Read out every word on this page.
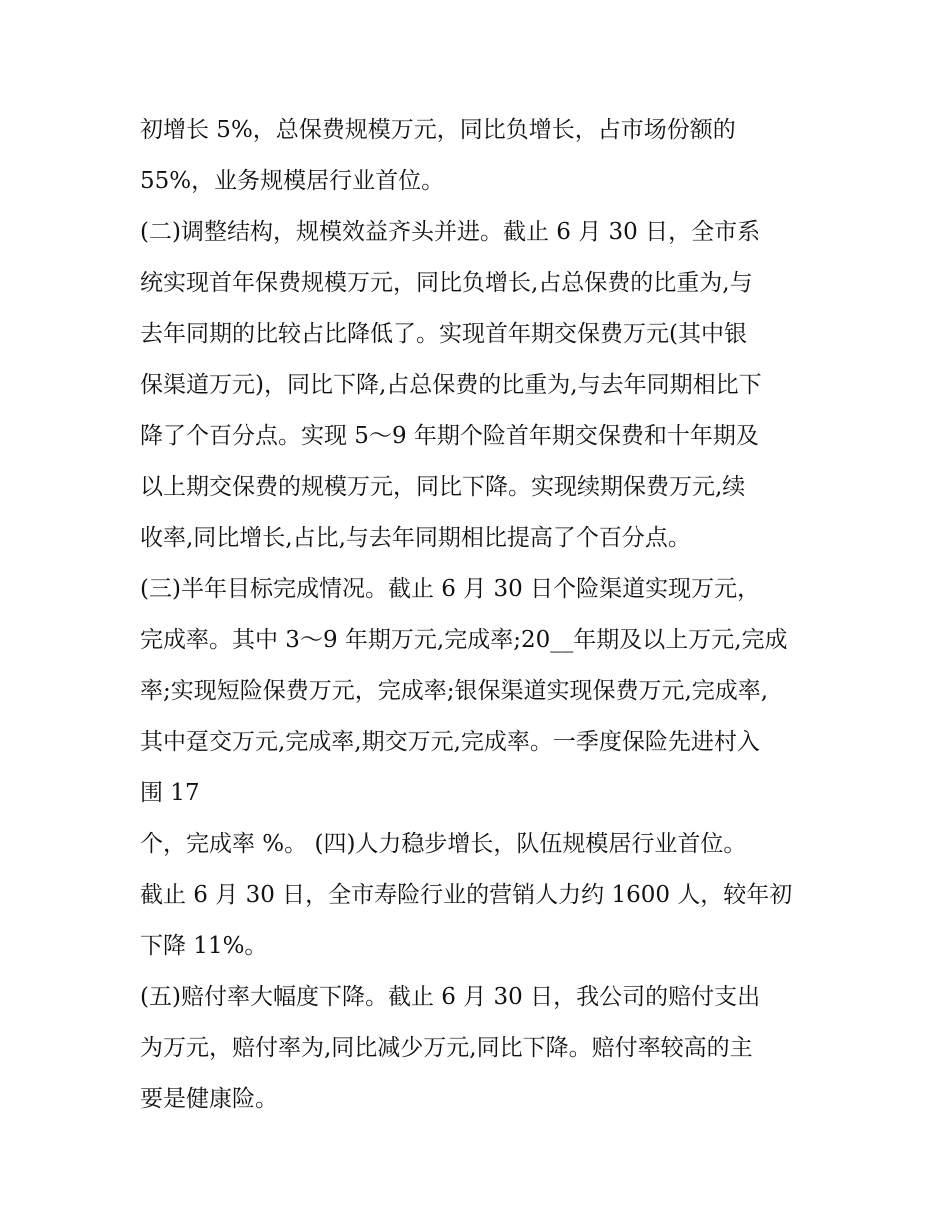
初增长 5%，总保费规模万元，同比负增长，占市场份额的
55%，业务规模居行业首位。
(二)调整结构，规模效益齐头并进。截止 6 月 30 日，全市系
统实现首年保费规模万元，同比负增长,占总保费的比重为,与
去年同期的比较占比降低了。实现首年期交保费万元(其中银
保渠道万元)，同比下降,占总保费的比重为,与去年同期相比下
降了个百分点。实现 5～9 年期个险首年期交保费和十年期及
以上期交保费的规模万元，同比下降。实现续期保费万元,续
收率,同比增长,占比,与去年同期相比提高了个百分点。
(三)半年目标完成情况。截止 6 月 30 日个险渠道实现万元，
完成率。其中 3～9 年期万元,完成率;20__年期及以上万元,完成
率;实现短险保费万元，完成率;银保渠道实现保费万元,完成率,
其中趸交万元,完成率,期交万元,完成率。一季度保险先进村入
围 17
个，完成率 %。 (四)人力稳步增长，队伍规模居行业首位。
截止 6 月 30 日，全市寿险行业的营销人力约 1600 人，较年初
下降 11%。
(五)赔付率大幅度下降。截止 6 月 30 日，我公司的赔付支出
为万元，赔付率为,同比减少万元,同比下降。赔付率较高的主
要是健康险。
